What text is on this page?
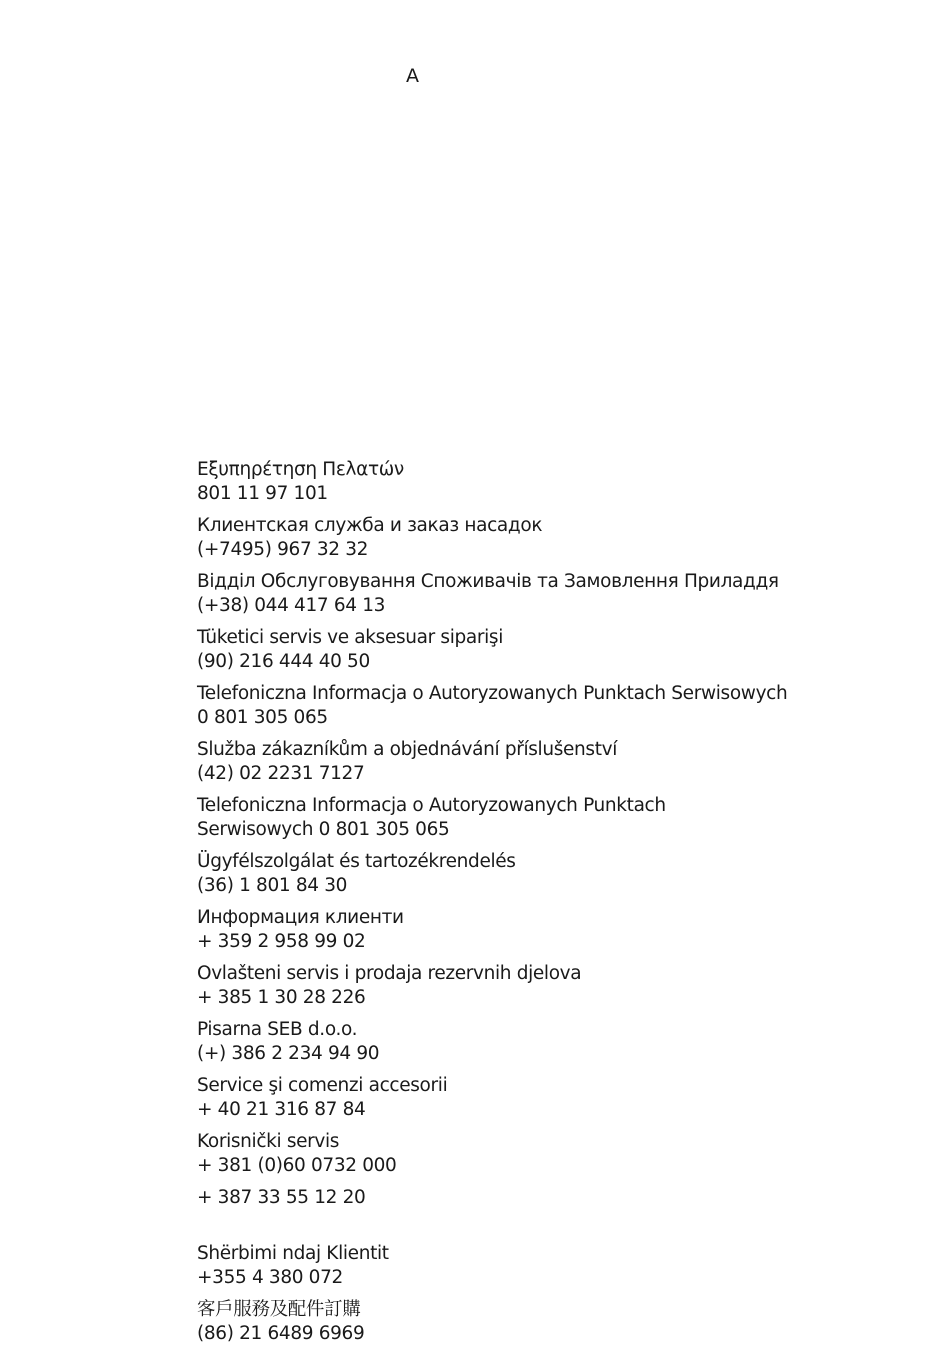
A
Εξυπηρέτηση Πελατών
801 11 97 101
Клиентская служба и заказ насадок
(+7495) 967 32 32
Відділ Обслуговування Споживачів та Замовлення Приладдя
(+38) 044 417 64 13
Tüketici servis ve aksesuar siparişi
(90) 216 444 40 50
Telefoniczna Informacja o Autoryzowanych Punktach Serwisowych
0 801 305 065
Služba zákazníkům a objednávání příslušenství
(42) 02 2231 7127
Telefoniczna Informacja o Autoryzowanych Punktach
Serwisowych 0 801 305 065
Ügyfélszolgálat és tartozékrendelés
(36) 1 801 84 30
Информация клиенти
+ 359 2 958 99 02
Ovlašteni servis i prodaja rezervnih djelova
+ 385 1 30 28 226
Pisarna SEB d.o.o.
(+) 386 2 234 94 90
Service şi comenzi accesorii
+ 40 21 316 87 84
Korisnički servis
+ 381 (0)60 0732 000
+ 387 33 55 12 20
Shërbimi ndaj Klientit
+355 4 380 072
客戶服務及配件訂購
(86) 21 6489 6969
